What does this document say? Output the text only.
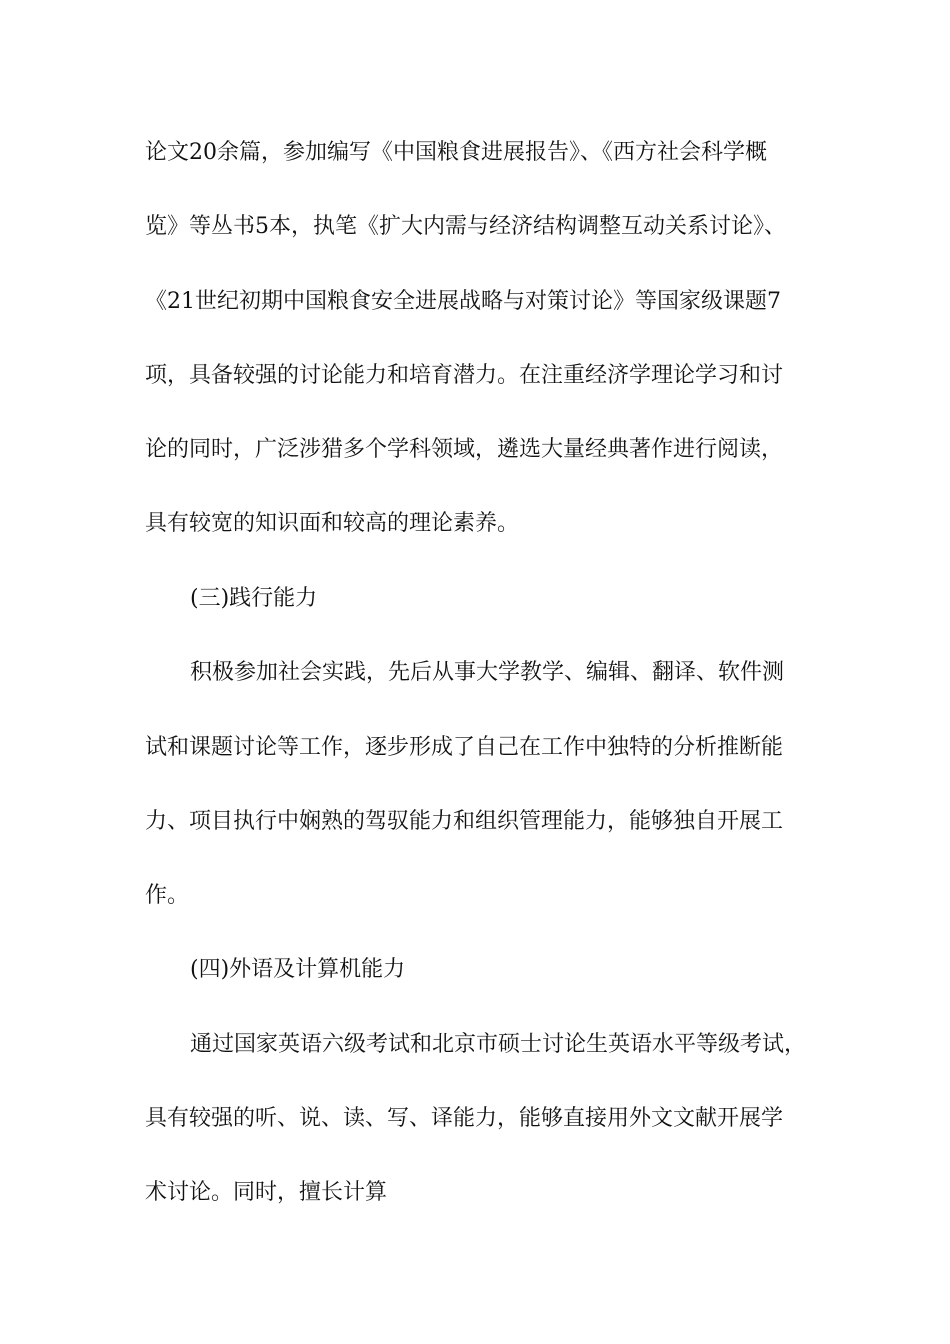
论文20余篇，参加编写《中国粮食进展报告》、《西方社会科学概
览》等丛书5本，执笔《扩大内需与经济结构调整互动关系讨论》、
《21世纪初期中国粮食安全进展战略与对策讨论》等国家级课题7
项，具备较强的讨论能力和培育潜力。在注重经济学理论学习和讨
论的同时，广泛涉猎多个学科领域，遴选大量经典著作进行阅读，
具有较宽的知识面和较高的理论素养。
(三)践行能力
积极参加社会实践，先后从事大学教学、编辑、翻译、软件测
试和课题讨论等工作，逐步形成了自己在工作中独特的分析推断能
力、项目执行中娴熟的驾驭能力和组织管理能力，能够独自开展工
作。
(四)外语及计算机能力
通过国家英语六级考试和北京市硕士讨论生英语水平等级考试，
具有较强的听、说、读、写、译能力，能够直接用外文文献开展学
术讨论。同时，擅长计算
